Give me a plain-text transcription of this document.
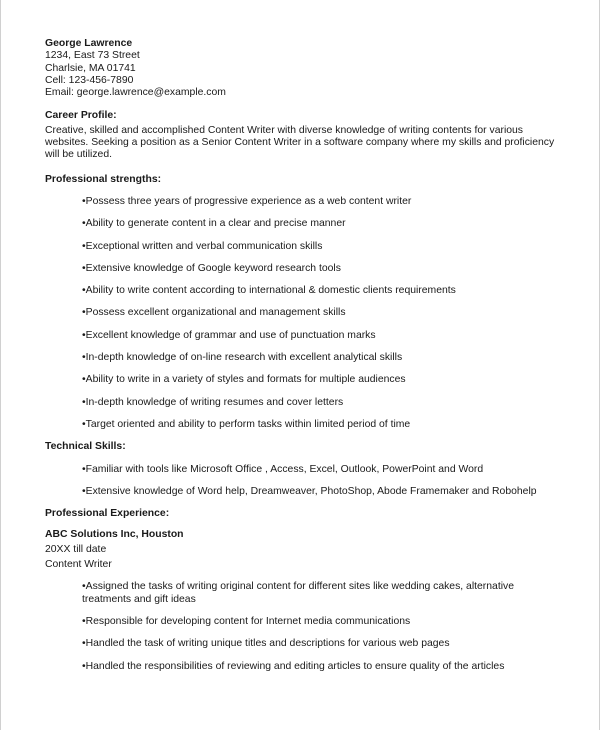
George Lawrence
1234, East 73 Street
Charlsie, MA 01741
Cell: 123-456-7890
Email: george.lawrence@example.com
Career Profile:

Creative, skilled and accomplished Content Writer with diverse knowledge of writing contents for various websites. Seeking a position as a Senior Content Writer in a software company where my skills and proficiency will be utilized.

Professional strengths:
•Possess three years of progressive experience as a web content writer
•Ability to generate content in a clear and precise manner
•Exceptional written and verbal communication skills
•Extensive knowledge of Google keyword research tools
•Ability to write content according to international & domestic clients requirements
•Possess excellent organizational and management skills
•Excellent knowledge of grammar and use of punctuation marks
•In-depth knowledge of on-line research with excellent analytical skills
•Ability to write in a variety of styles and formats for multiple audiences
•In-depth knowledge of writing resumes and cover letters
•Target oriented and ability to perform tasks within limited period of time
Technical Skills:
•Familiar with tools like Microsoft Office , Access, Excel, Outlook, PowerPoint and Word
•Extensive knowledge of Word help, Dreamweaver, PhotoShop, Abode Framemaker and Robohelp
Professional Experience:
ABC Solutions Inc, Houston
20XX till date
Content Writer
•Assigned the tasks of writing original content for different sites like wedding cakes, alternative treatments and gift ideas
•Responsible for developing content for Internet media communications
•Handled the task of writing unique titles and descriptions for various web pages
•Handled the responsibilities of reviewing and editing articles to ensure quality of the articles
